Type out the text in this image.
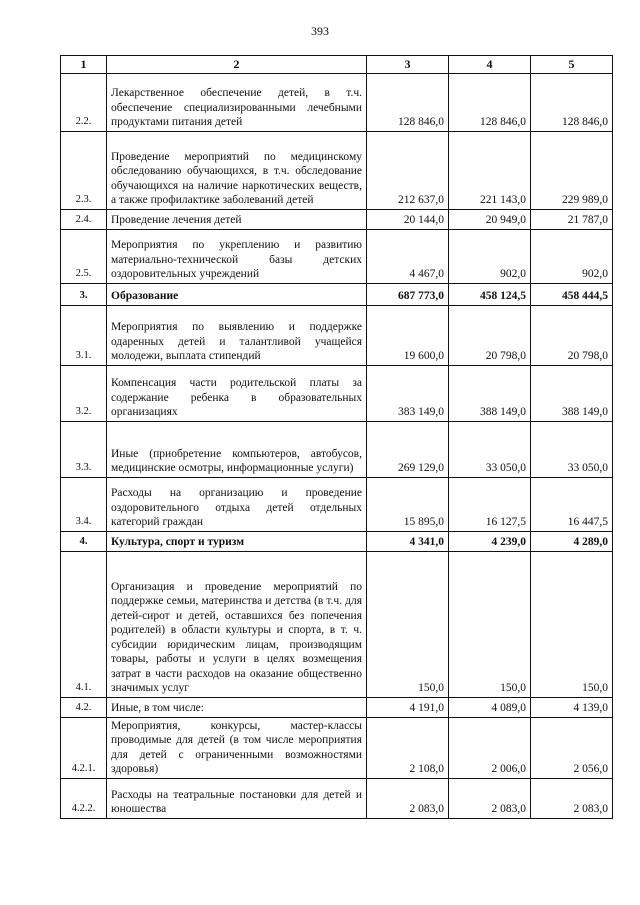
393
1	2	3	4	5
2.2.	Лекарственное обеспечение детей, в т.ч. обеспечение специализированными лечебными продуктами питания детей	128 846,0	128 846,0	128 846,0
2.3.	Проведение мероприятий по медицинскому обследованию обучающихся, в т.ч. обследование обучающихся на наличие наркотических веществ, а также профилактике заболеваний детей	212 637,0	221 143,0	229 989,0
2.4.	Проведение лечения детей	20 144,0	20 949,0	21 787,0
2.5.	Мероприятия по укреплению и развитию материально-технической базы детских оздоровительных учреждений	4 467,0	902,0	902,0
3.	Образование	687 773,0	458 124,5	458 444,5
3.1.	Мероприятия по выявлению и поддержке одаренных детей и талантливой учащейся молодежи, выплата стипендий	19 600,0	20 798,0	20 798,0
3.2.	Компенсация части родительской платы за содержание ребенка в образовательных организациях	383 149,0	388 149,0	388 149,0
3.3.	Иные (приобретение компьютеров, автобусов, медицинские осмотры, информационные услуги)	269 129,0	33 050,0	33 050,0
3.4.	Расходы на организацию и проведение оздоровительного отдыха детей отдельных категорий граждан	15 895,0	16 127,5	16 447,5
4.	Культура, спорт и туризм	4 341,0	4 239,0	4 289,0
4.1.	Организация и проведение мероприятий по поддержке семьи, материнства и детства (в т.ч. для детей-сирот и детей, оставшихся без попечения родителей) в области культуры и спорта, в т. ч. субсидии юридическим лицам, производящим товары, работы и услуги в целях возмещения затрат в части расходов на оказание общественно значимых услуг	150,0	150,0	150,0
4.2.	Иные, в том числе:	4 191,0	4 089,0	4 139,0
4.2.1.	Мероприятия, конкурсы, мастер-классы проводимые для детей (в том числе мероприятия для детей с ограниченными возможностями здоровья)	2 108,0	2 006,0	2 056,0
4.2.2.	Расходы на театральные постановки для детей и юношества	2 083,0	2 083,0	2 083,0
